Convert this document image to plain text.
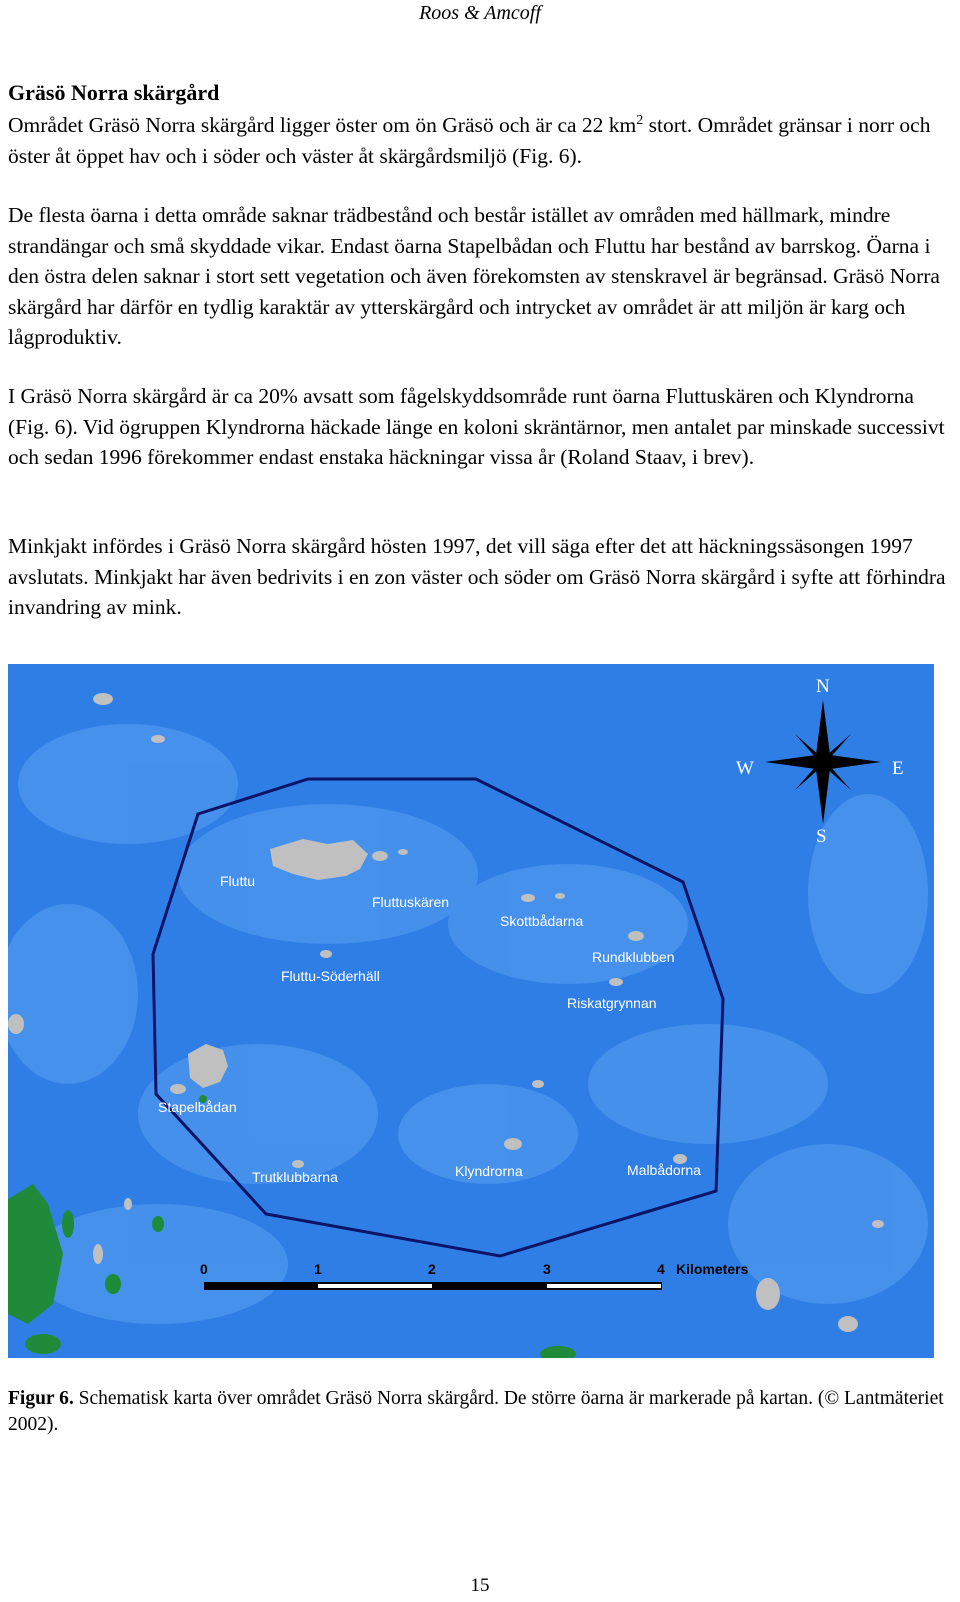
Roos & Amcoff
Gräsö Norra skärgård

Området Gräsö Norra skärgård ligger öster om ön Gräsö och är ca 22 $km^2$ stort. Området gränsar i norr och öster åt öppet hav och i söder och väster åt skärgårdsmiljö (Fig. 6).

De flesta öarna i detta område saknar trädbestånd och består istället av områden med hällmark, mindre strandängar och små skyddade vikar. Endast öarna Stapelbådan och Fluttu har bestånd av barrskog. Öarna i den östra delen saknar i stort sett vegetation och även förekomsten av stenskravel är begränsad. Gräsö Norra skärgård har därför en tydlig karaktär av ytterskärgård och intrycket av området är att miljön är karg och lågproduktiv.

I Gräsö Norra skärgård är ca 20% avsatt som fågelskyddsområde runt öarna Fluttuskären och Klyndrorna (Fig. 6). Vid ögruppen Klyndrorna häckade länge en koloni skräntärnor, men antalet par minskade successivt och sedan 1996 förekommer endast enstaka häckningar vissa år (Roland Staav, i brev).

Minkjakt infördes i Gräsö Norra skärgård hösten 1997, det vill säga efter det att häckningssäsongen 1997 avslutats. Minkjakt har även bedrivits i en zon väster och söder om Gräsö Norra skärgård i syfte att förhindra invandring av mink.

Fluttu
Fluttuskären
Skottbådarna
Rundklubben
Fluttu-Söderhäll
Riskatgrynnan
Stapelbådan
Trutklubbarna	Klyndrorna	Malbådorna
N
S
W	E
0	1	2	3	4 Kilometers
Figur 6. Schematisk karta över området Gräsö Norra skärgård. De större öarna är markerade på kartan. (© Lantmäteriet 2002).
15
